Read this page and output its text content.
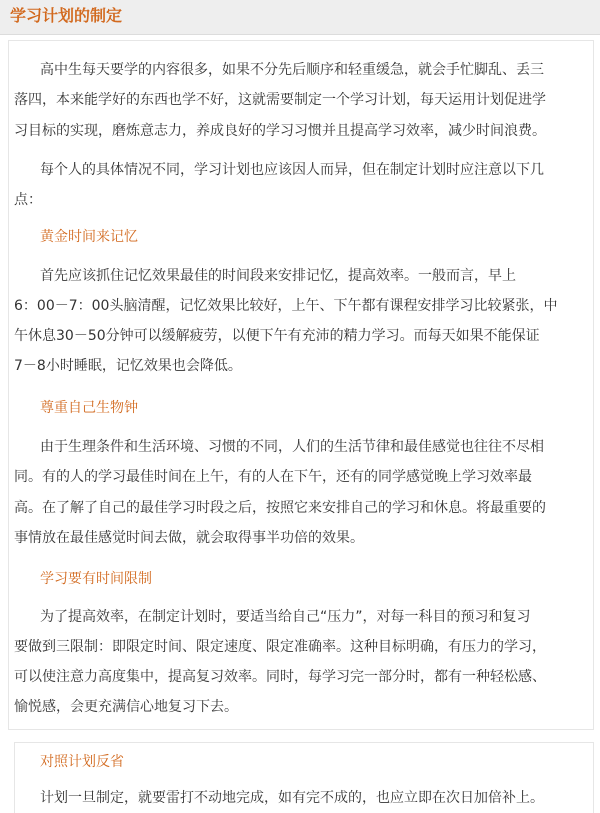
学习计划的制定
高中生每天要学的内容很多，如果不分先后顺序和轻重缓急，就会手忙脚乱、丢三
落四，本来能学好的东西也学不好，这就需要制定一个学习计划，每天运用计划促进学
习目标的实现，磨炼意志力，养成良好的学习习惯并且提高学习效率，减少时间浪费。
每个人的具体情况不同，学习计划也应该因人而异，但在制定计划时应注意以下几
点：
黄金时间来记忆
首先应该抓住记忆效果最佳的时间段来安排记忆，提高效率。一般而言，早上
6：00－7：00头脑清醒，记忆效果比较好，上午、下午都有课程安排学习比较紧张，中
午休息30－50分钟可以缓解疲劳，以便下午有充沛的精力学习。而每天如果不能保证
7－8小时睡眠，记忆效果也会降低。
尊重自己生物钟
由于生理条件和生活环境、习惯的不同，人们的生活节律和最佳感觉也往往不尽相
同。有的人的学习最佳时间在上午，有的人在下午，还有的同学感觉晚上学习效率最
高。在了解了自己的最佳学习时段之后，按照它来安排自己的学习和休息。将最重要的
事情放在最佳感觉时间去做，就会取得事半功倍的效果。
学习要有时间限制
为了提高效率，在制定计划时，要适当给自己“压力”，对每一科目的预习和复习
要做到三限制：即限定时间、限定速度、限定准确率。这种目标明确，有压力的学习，
可以使注意力高度集中，提高复习效率。同时，每学习完一部分时，都有一种轻松感、
愉悦感，会更充满信心地复习下去。
对照计划反省
计划一旦制定，就要雷打不动地完成，如有完不成的，也应立即在次日加倍补上。
